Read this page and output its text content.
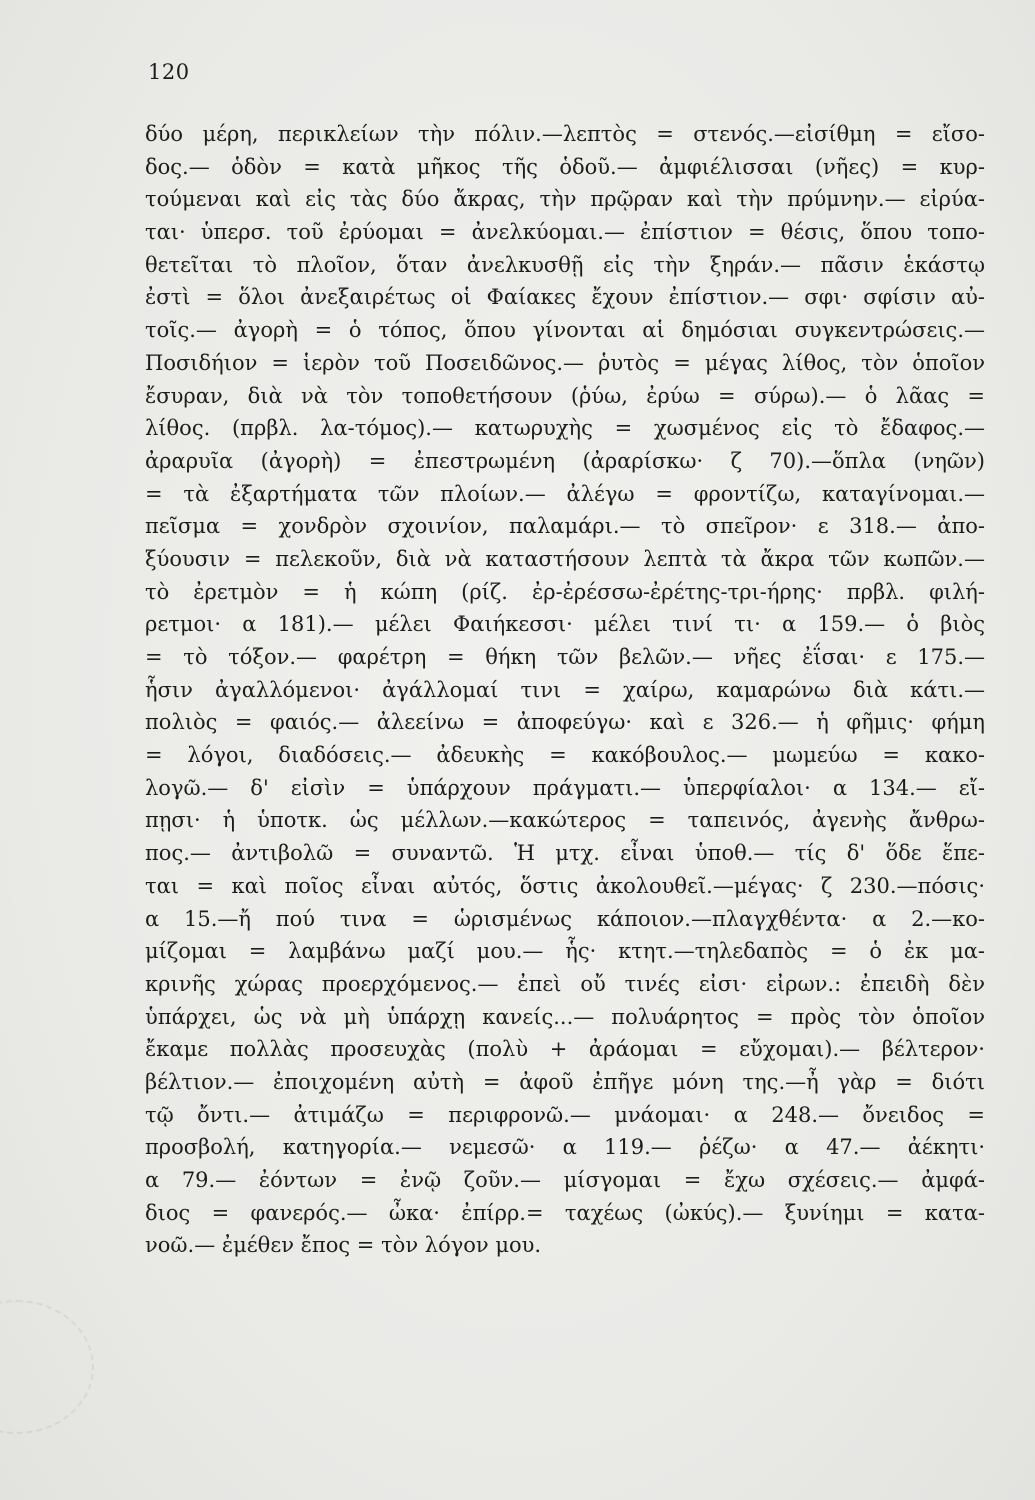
120
δύο μέρη, περικλείων τὴν πόλιν.—λεπτὸς = στενός.—εἰσίθμη = εἴσο-
δος.— ὁδὸν = κατὰ μῆκος τῆς ὁδοῦ.— ἀμφιέλισσαι (νῆες) = κυρ-
τούμεναι καὶ εἰς τὰς δύο ἄκρας, τὴν πρῷραν καὶ τὴν πρύμνην.— εἰρύα-
ται· ὑπερσ. τοῦ ἐρύομαι = ἀνελκύομαι.— ἐπίστιον = θέσις, ὅπου τοπο-
θετεῖται τὸ πλοῖον, ὅταν ἀνελκυσθῇ εἰς τὴν ξηράν.— πᾶσιν ἑκάστῳ
ἐστὶ = ὅλοι ἀνεξαιρέτως οἱ Φαίακες ἔχουν ἐπίστιον.— σφι· σφίσιν αὐ-
τοῖς.— ἀγορὴ = ὁ τόπος, ὅπου γίνονται αἱ δημόσιαι συγκεντρώσεις.—
Ποσιδήιον = ἱερὸν τοῦ Ποσειδῶνος.— ῥυτὸς = μέγας λίθος, τὸν ὁποῖον
ἔσυραν, διὰ νὰ τὸν τοποθετήσουν (ῥύω, ἐρύω = σύρω).— ὁ λᾶας =
λίθος. (πρβλ. λα-τόμος).— κατωρυχὴς = χωσμένος εἰς τὸ ἔδαφος.—
ἀραρυῖα (ἀγορὴ) = ἐπεστρωμένη (ἀραρίσκω· ζ 70).—ὅπλα (νηῶν)
= τὰ ἐξαρτήματα τῶν πλοίων.— ἀλέγω = φροντίζω, καταγίνομαι.—
πεῖσμα = χονδρὸν σχοινίον, παλαμάρι.— τὸ σπεῖρον· ε 318.— ἀπο-
ξύουσιν = πελεκοῦν, διὰ νὰ καταστήσουν λεπτὰ τὰ ἄκρα τῶν κωπῶν.—
τὸ ἐρετμὸν = ἡ κώπη (ρίζ. ἐρ-ἐρέσσω-ἐρέτης-τρι-ήρης· πρβλ. φιλή-
ρετμοι· α 181).— μέλει Φαιήκεσσι· μέλει τινί τι· α 159.— ὁ βιὸς
= τὸ τόξον.— φαρέτρη = θήκη τῶν βελῶν.— νῆες ἐΐσαι· ε 175.—
ἧσιν ἀγαλλόμενοι· ἀγάλλομαί τινι = χαίρω, καμαρώνω διὰ κάτι.—
πολιὸς = φαιός.— ἀλεείνω = ἀποφεύγω· καὶ ε 326.— ἡ φῆμις· φήμη
= λόγοι, διαδόσεις.— ἀδευκὴς = κακόβουλος.— μωμεύω = κακο-
λογῶ.— δ' εἰσὶν = ὑπάρχουν πράγματι.— ὑπερφίαλοι· α 134.— εἴ-
πῃσι· ἡ ὑποτκ. ὡς μέλλων.—κακώτερος = ταπεινός, ἀγενὴς ἄνθρω-
πος.— ἀντιβολῶ = συναντῶ. Ἡ μτχ. εἶναι ὑποθ.— τίς δ' ὅδε ἕπε-
ται = καὶ ποῖος εἶναι αὐτός, ὅστις ἀκολουθεῖ.—μέγας· ζ 230.—πόσις·
α 15.—ἤ πού τινα = ὡρισμένως κάποιον.—πλαγχθέντα· α 2.—κο-
μίζομαι = λαμβάνω μαζί μου.— ἧς· κτητ.—τηλεδαπὸς = ὁ ἐκ μα-
κρινῆς χώρας προερχόμενος.— ἐπεὶ οὔ τινές εἰσι· εἰρων.: ἐπειδὴ δὲν
ὑπάρχει, ὡς νὰ μὴ ὑπάρχῃ κανείς...— πολυάρητος = πρὸς τὸν ὁποῖον
ἔκαμε πολλὰς προσευχὰς (πολὺ + ἀράομαι = εὔχομαι).— βέλτερον·
βέλτιον.— ἐποιχομένη αὐτὴ = ἀφοῦ ἐπῆγε μόνη της.—ἦ γὰρ = διότι
τῷ ὄντι.— ἀτιμάζω = περιφρονῶ.— μνάομαι· α 248.— ὄνειδος =
προσβολή, κατηγορία.— νεμεσῶ· α 119.— ῥέζω· α 47.— ἀέκητι·
α 79.— ἐόντων = ἐνῷ ζοῦν.— μίσγομαι = ἔχω σχέσεις.— ἀμφά-
διος = φανερός.— ὦκα· ἐπίρρ.= ταχέως (ὠκύς).— ξυνίημι = κατα-
νοῶ.— ἐμέθεν ἔπος = τὸν λόγον μου.
